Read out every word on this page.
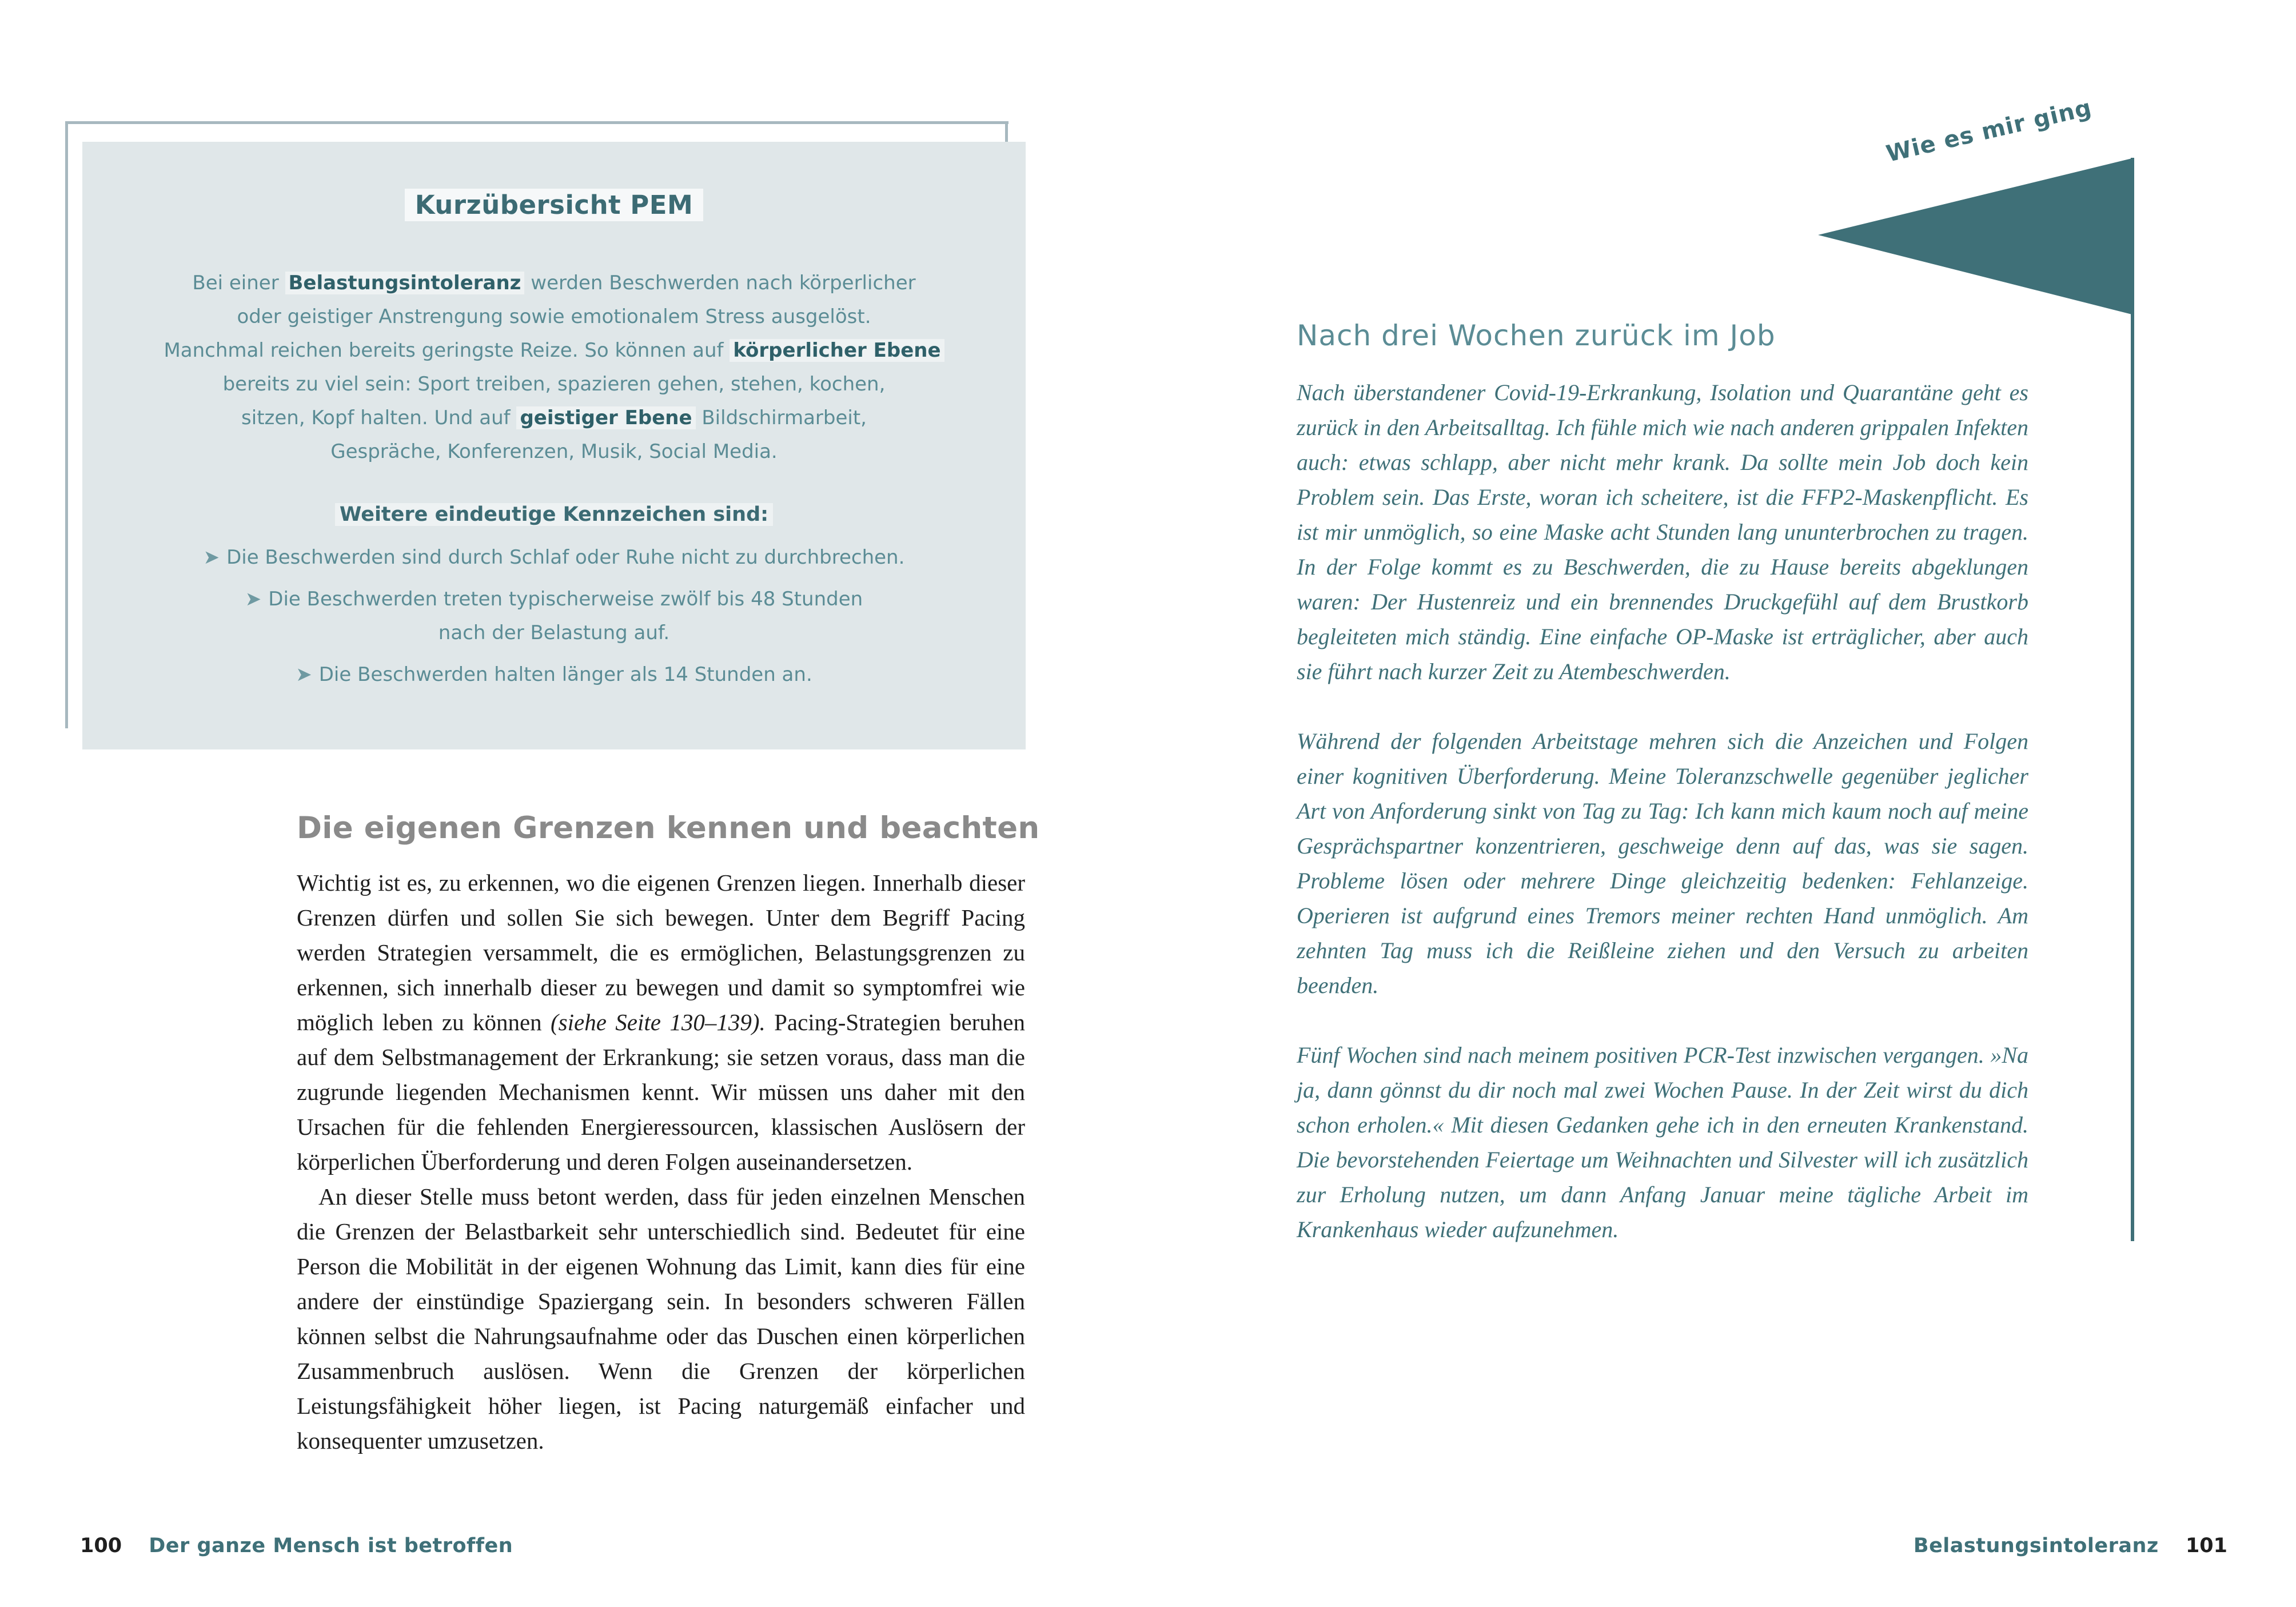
Kurzübersicht PEM
Bei einer Belastungsintoleranz werden Beschwerden nach körperlicher
oder geistiger Anstrengung sowie emotionalem Stress ausgelöst.
Manchmal reichen bereits geringste Reize. So können auf körperlicher Ebene
bereits zu viel sein: Sport treiben, spazieren gehen, stehen, kochen,
sitzen, Kopf halten. Und auf geistiger Ebene Bildschirmarbeit,
Gespräche, Konferenzen, Musik, Social Media.
Weitere eindeutige Kennzeichen sind:
➤ Die Beschwerden sind durch Schlaf oder Ruhe nicht zu durchbrechen.
➤ Die Beschwerden treten typischerweise zwölf bis 48 Stunden
nach der Belastung auf.
➤ Die Beschwerden halten länger als 14 Stunden an.
Die eigenen Grenzen kennen und beachten

Wichtig ist es, zu erkennen, wo die eigenen Grenzen liegen. Innerhalb dieser Grenzen dürfen und sollen Sie sich bewegen. Unter dem Begriff Pacing werden Strategien versammelt, die es ermöglichen, Belastungsgrenzen zu erkennen, sich innerhalb dieser zu bewegen und damit so symptomfrei wie möglich leben zu können (siehe Seite 130–139). Pacing-Strategien beruhen auf dem Selbstmanagement der Erkrankung; sie setzen voraus, dass man die zugrunde liegenden Mechanismen kennt. Wir müssen uns daher mit den Ursachen für die fehlenden Energieressourcen, klassischen Auslösern der körperlichen Überforderung und deren Folgen auseinandersetzen.

An dieser Stelle muss betont werden, dass für jeden einzelnen Menschen die Grenzen der Belastbarkeit sehr unterschiedlich sind. Bedeutet für eine Person die Mobilität in der eigenen Wohnung das Limit, kann dies für eine andere der einstündige Spaziergang sein. In besonders schweren Fällen können selbst die Nahrungsaufnahme oder das Duschen einen körperlichen Zusammenbruch auslösen. Wenn die Grenzen der körperlichen Leistungsfähigkeit höher liegen, ist Pacing naturgemäß einfacher und konsequenter umzusetzen.

100 Der ganze Mensch ist betroffen
Wie es mir ging
Nach drei Wochen zurück im Job

Nach überstandener Covid-19-Erkrankung, Isolation und Quarantäne geht es zurück in den Arbeitsalltag. Ich fühle mich wie nach anderen grippalen Infekten auch: etwas schlapp, aber nicht mehr krank. Da sollte mein Job doch kein Problem sein. Das Erste, woran ich scheitere, ist die FFP2-Maskenpflicht. Es ist mir unmöglich, so eine Maske acht Stunden lang ununterbrochen zu tragen. In der Folge kommt es zu Beschwerden, die zu Hause bereits abgeklungen waren: Der Hustenreiz und ein brennendes Druckgefühl auf dem Brustkorb begleiteten mich ständig. Eine einfache OP-Maske ist erträglicher, aber auch sie führt nach kurzer Zeit zu Atembeschwerden.

Während der folgenden Arbeitstage mehren sich die Anzeichen und Folgen einer kognitiven Überforderung. Meine Toleranzschwelle gegenüber jeglicher Art von Anforderung sinkt von Tag zu Tag: Ich kann mich kaum noch auf meine Gesprächspartner konzentrieren, geschweige denn auf das, was sie sagen. Probleme lösen oder mehrere Dinge gleichzeitig bedenken: Fehlanzeige. Operieren ist aufgrund eines Tremors meiner rechten Hand unmöglich. Am zehnten Tag muss ich die Reißleine ziehen und den Versuch zu arbeiten beenden.

Fünf Wochen sind nach meinem positiven PCR-Test inzwischen vergangen. »Na ja, dann gönnst du dir noch mal zwei Wochen Pause. In der Zeit wirst du dich schon erholen.« Mit diesen Gedanken gehe ich in den erneuten Krankenstand. Die bevorstehenden Feiertage um Weihnachten und Silvester will ich zusätzlich zur Erholung nutzen, um dann Anfang Januar meine tägliche Arbeit im Krankenhaus wieder aufzunehmen.

Belastungsintoleranz 101
